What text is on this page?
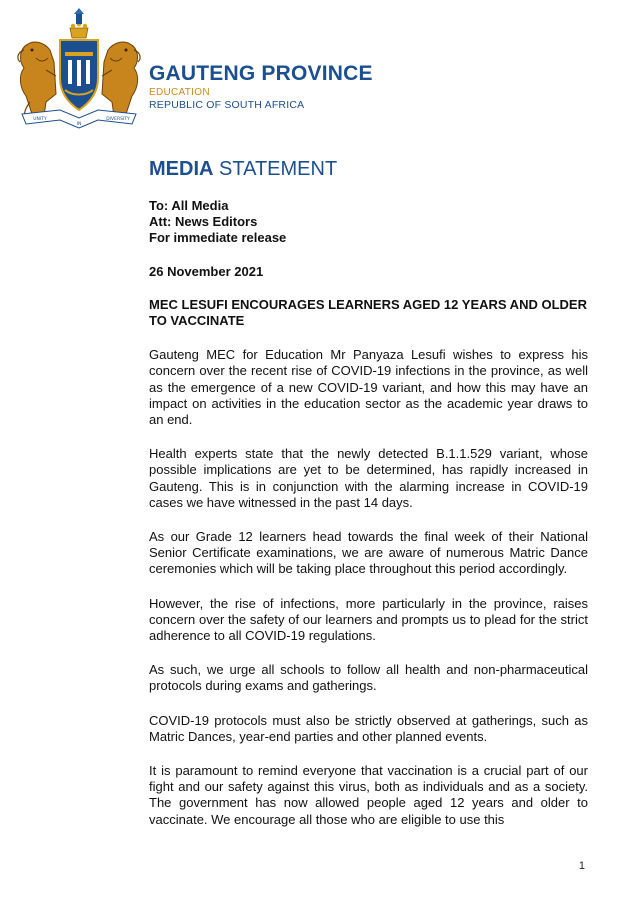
UNITY
IN
DIVERSITY
GAUTENG PROVINCE
EDUCATION
REPUBLIC OF SOUTH AFRICA
MEDIA STATEMENT

To: All Media

Att: News Editors

For immediate release

26 November 2021

MEC LESUFI ENCOURAGES LEARNERS AGED 12 YEARS AND OLDER TO VACCINATE

Gauteng MEC for Education Mr Panyaza Lesufi wishes to express his concern over the recent rise of COVID-19 infections in the province, as well as the emergence of a new COVID-19 variant, and how this may have an impact on activities in the education sector as the academic year draws to an end.

Health experts state that the newly detected B.1.1.529 variant, whose possible implications are yet to be determined, has rapidly increased in Gauteng. This is in conjunction with the alarming increase in COVID-19 cases we have witnessed in the past 14 days.

As our Grade 12 learners head towards the final week of their National Senior Certificate examinations, we are aware of numerous Matric Dance ceremonies which will be taking place throughout this period accordingly.

However, the rise of infections, more particularly in the province, raises concern over the safety of our learners and prompts us to plead for the strict adherence to all COVID-19 regulations.

As such, we urge all schools to follow all health and non-pharmaceutical protocols during exams and gatherings.

COVID-19 protocols must also be strictly observed at gatherings, such as Matric Dances, year-end parties and other planned events.

It is paramount to remind everyone that vaccination is a crucial part of our fight and our safety against this virus, both as individuals and as a society. The government has now allowed people aged 12 years and older to vaccinate. We encourage all those who are eligible to use this

1
